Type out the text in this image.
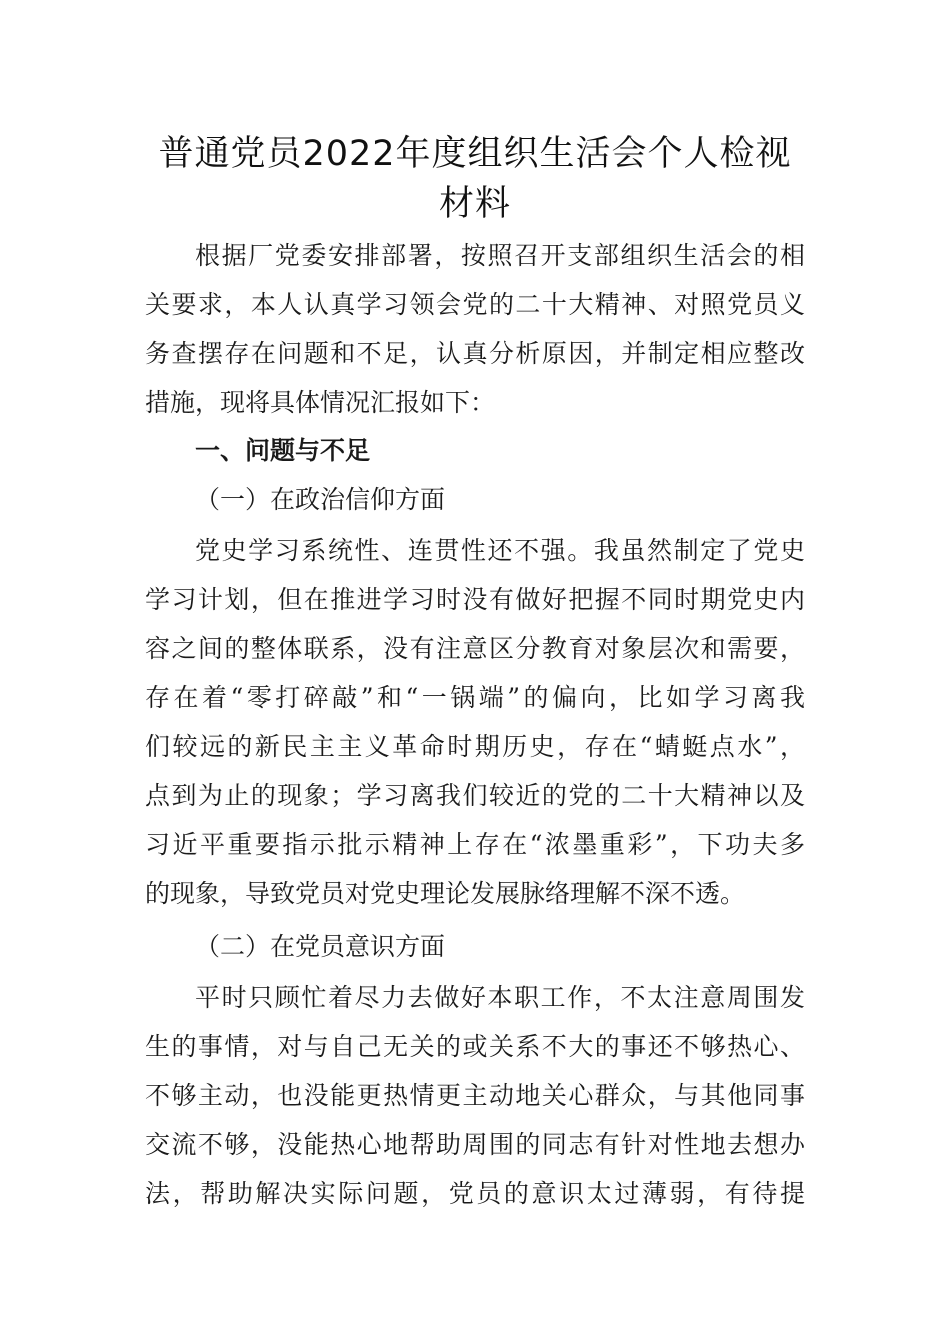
普通党员2022年度组织生活会个人检视
材料
根据厂党委安排部署，按照召开支部组织生活会的相
关要求，本人认真学习领会党的二十大精神、对照党员义
务查摆存在问题和不足，认真分析原因，并制定相应整改
措施，现将具体情况汇报如下：
一、问题与不足
（一）在政治信仰方面
党史学习系统性、连贯性还不强。我虽然制定了党史
学习计划，但在推进学习时没有做好把握不同时期党史内
容之间的整体联系，没有注意区分教育对象层次和需要，
存在着“零打碎敲”和“一锅端”的偏向，比如学习离我
们较远的新民主主义革命时期历史，存在“蜻蜓点水”，
点到为止的现象；学习离我们较近的党的二十大精神以及
习近平重要指示批示精神上存在“浓墨重彩”，下功夫多
的现象，导致党员对党史理论发展脉络理解不深不透。
（二）在党员意识方面
平时只顾忙着尽力去做好本职工作，不太注意周围发
生的事情，对与自己无关的或关系不大的事还不够热心、
不够主动，也没能更热情更主动地关心群众，与其他同事
交流不够，没能热心地帮助周围的同志有针对性地去想办
法，帮助解决实际问题，党员的意识太过薄弱，有待提
